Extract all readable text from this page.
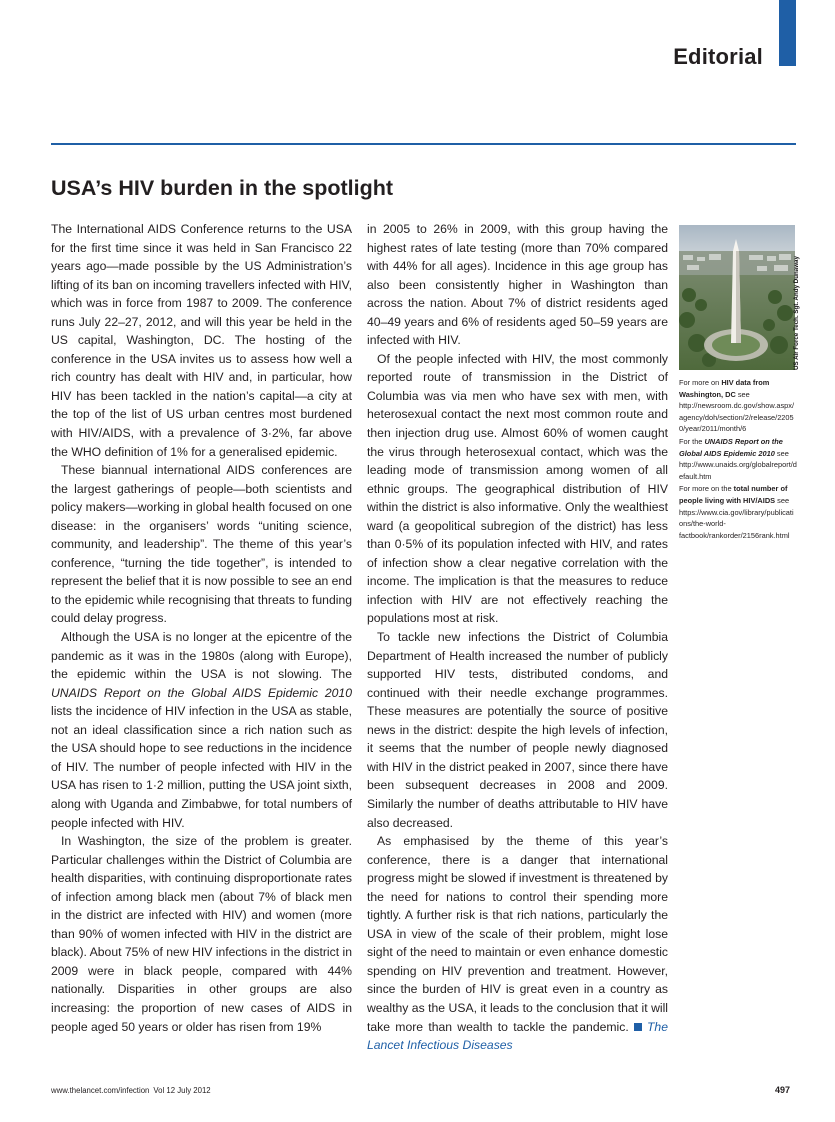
Editorial
USA’s HIV burden in the spotlight

The International AIDS Conference returns to the USA for the first time since it was held in San Francisco 22 years ago—made possible by the US Administration’s lifting of its ban on incoming travellers infected with HIV, which was in force from 1987 to 2009. The conference runs July 22–27, 2012, and will this year be held in the US capital, Washington, DC. The hosting of the conference in the USA invites us to assess how well a rich country has dealt with HIV and, in particular, how HIV has been tackled in the nation’s capital—a city at the top of the list of US urban centres most burdened with HIV/AIDS, with a prevalence of 3·2%, far above the WHO definition of 1% for a generalised epidemic.

These biannual international AIDS conferences are the largest gatherings of people—both scientists and policy makers—working in global health focused on one disease: in the organisers’ words “uniting science, community, and leadership”. The theme of this year’s conference, “turning the tide together”, is intended to represent the belief that it is now possible to see an end to the epidemic while recognising that threats to funding could delay progress.

Although the USA is no longer at the epicentre of the pandemic as it was in the 1980s (along with Europe), the epidemic within the USA is not slowing. The UNAIDS Report on the Global AIDS Epidemic 2010 lists the incidence of HIV infection in the USA as stable, not an ideal classification since a rich nation such as the USA should hope to see reductions in the incidence of HIV. The number of people infected with HIV in the USA has risen to 1·2 million, putting the USA joint sixth, along with Uganda and Zimbabwe, for total numbers of people infected with HIV.

In Washington, the size of the problem is greater. Particular challenges within the District of Columbia are health disparities, with continuing disproportionate rates of infection among black men (about 7% of black men in the district are infected with HIV) and women (more than 90% of women infected with HIV in the district are black). About 75% of new HIV infections in the district in 2009 were in black people, compared with 44% nationally. Disparities in other groups are also increasing: the proportion of new cases of AIDS in people aged 50 years or older has risen from 19%

in 2005 to 26% in 2009, with this group having the highest rates of late testing (more than 70% compared with 44% for all ages). Incidence in this age group has also been consistently higher in Washington than across the nation. About 7% of district residents aged 40–49 years and 6% of residents aged 50–59 years are infected with HIV.

Of the people infected with HIV, the most commonly reported route of transmission in the District of Columbia was via men who have sex with men, with heterosexual contact the next most common route and then injection drug use. Almost 60% of women caught the virus through heterosexual contact, which was the leading mode of transmission among women of all ethnic groups. The geographical distribution of HIV within the district is also informative. Only the wealthiest ward (a geopolitical subregion of the district) has less than 0·5% of its population infected with HIV, and rates of infection show a clear negative correlation with the income. The implication is that the measures to reduce infection with HIV are not effectively reaching the populations most at risk.

To tackle new infections the District of Columbia Department of Health increased the number of publicly supported HIV tests, distributed condoms, and continued with their needle exchange programmes. These measures are potentially the source of positive news in the district: despite the high levels of infection, it seems that the number of people newly diagnosed with HIV in the district peaked in 2007, since there have been subsequent decreases in 2008 and 2009. Similarly the number of deaths attributable to HIV have also decreased.

As emphasised by the theme of this year’s conference, there is a danger that international progress might be slowed if investment is threatened by the need for nations to control their spending more tightly. A further risk is that rich nations, particularly the USA in view of the scale of their problem, might lose sight of the need to maintain or even enhance domestic spending on HIV prevention and treatment. However, since the burden of HIV is great even in a country as wealthy as the USA, it leads to the conclusion that it will take more than wealth to tackle the pandemic. The Lancet Infectious Diseases

US Air Force Tech. Sgt. Andy Dunaway
For more on HIV data from Washington, DC see http://newsroom.dc.gov/show.aspx/agency/doh/section/2/release/22050/year/2011/month/6
For the UNAIDS Report on the Global AIDS Epidemic 2010 see http://www.unaids.org/globalreport/default.htm
For more on the total number of people living with HIV/AIDS see https://www.cia.gov/library/publications/the-world-factbook/rankorder/2156rank.html
www.thelancet.com/infection Vol 12 July 2012	497
